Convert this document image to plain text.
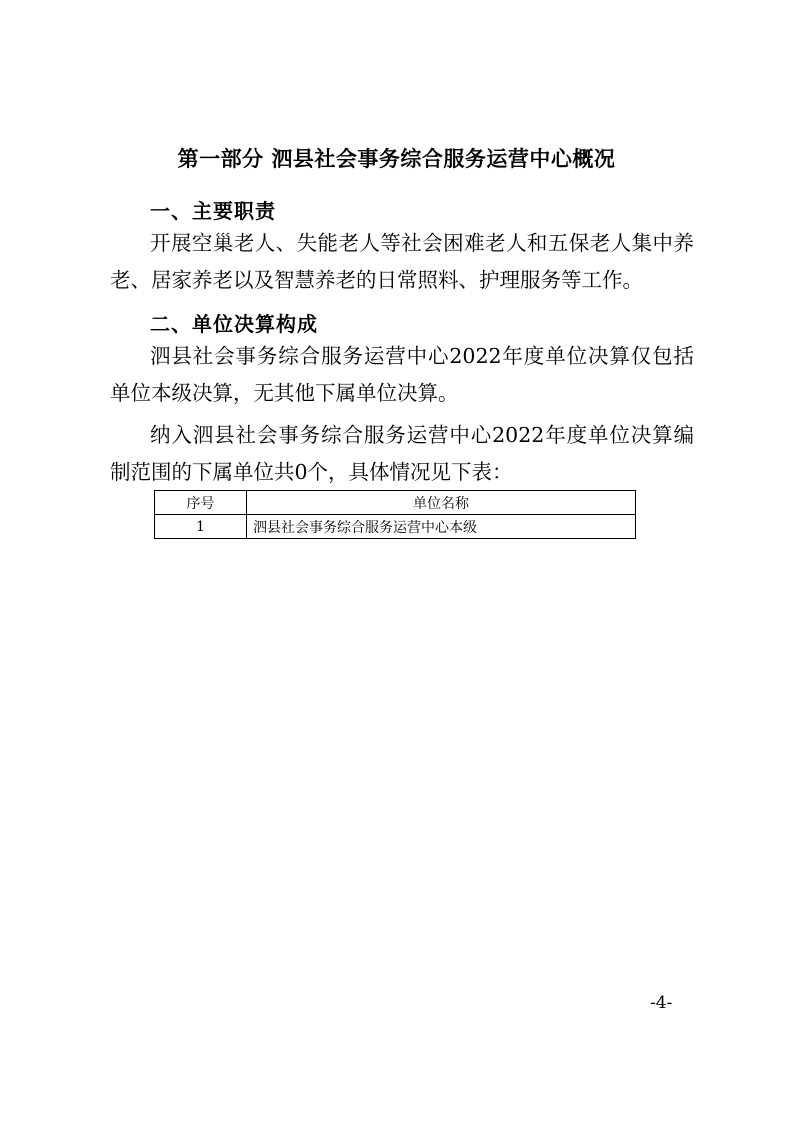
第一部分 泗县社会事务综合服务运营中心概况
一、主要职责

开展空巢老人、失能老人等社会困难老人和五保老人集中养老、居家养老以及智慧养老的日常照料、护理服务等工作。

二、单位决算构成

泗县社会事务综合服务运营中心2022年度单位决算仅包括单位本级决算，无其他下属单位决算。

纳入泗县社会事务综合服务运营中心2022年度单位决算编制范围的下属单位共0个，具体情况见下表：

序号	单位名称
1	泗县社会事务综合服务运营中心本级
-4-
